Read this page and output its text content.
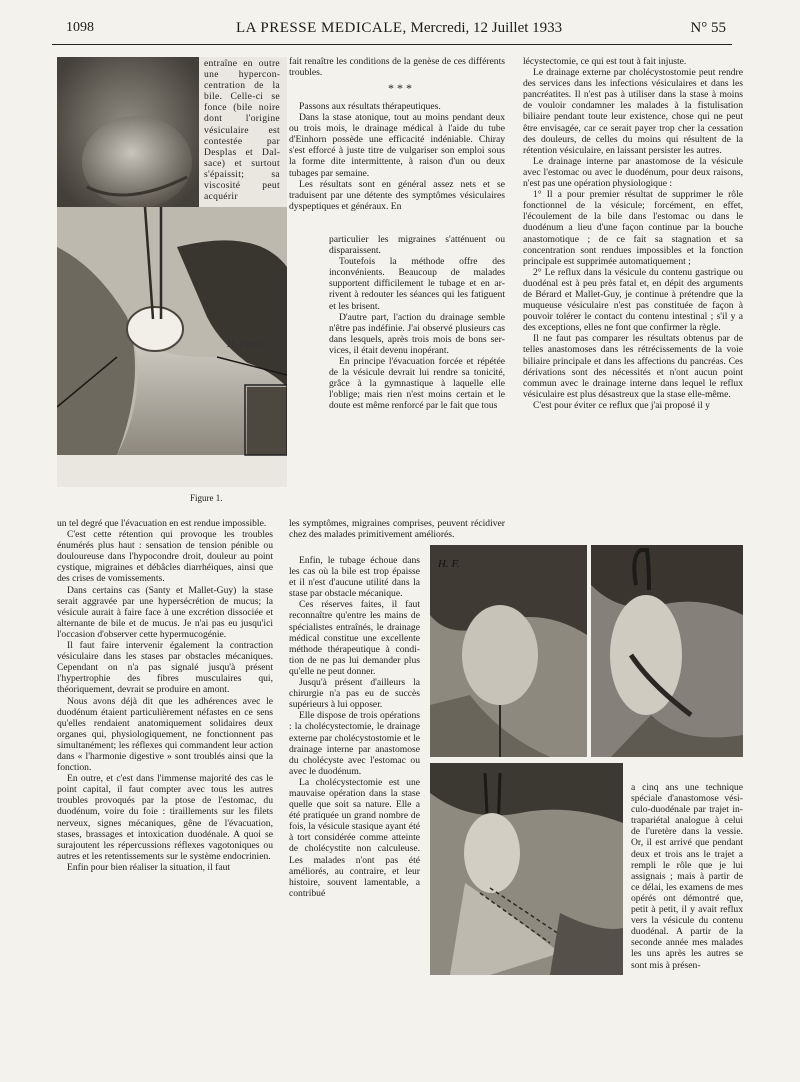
1098	LA PRESSE MEDICALE, Mercredi, 12 Juillet 1933	N° 55
H. Frantz
Figure 1.

entraîne en outre une hyperconcentration de la bile. Celle-ci se fonce (bile noire dont l'origine vésiculaire est contestée par Desplas et Dalsace) et surtout s'épaissit; sa viscosité peut acquérir

un tel degré que l'évacuation en est rendue impossible.

C'est cette rétention qui provoque les troubles énumérés plus haut : sensation de tension pénible ou douloureuse dans l'hypocondre droit, douleur au point cystique, migraines et débâcles diarrhéiques, ainsi que des crises de vomissements.

Dans certains cas (Santy et Mallet-Guy) la stase serait aggravée par une hypersécrétion de mucus; la vésicule aurait à faire face à une excrétion dissociée et alternante de bile et de mucus. Je n'ai pas eu jusqu'ici l'occasion d'observer cette hypermucogénie.

Il faut faire intervenir également la contraction vésiculaire dans les stases par obstacles mécaniques. Cependant on n'a pas signalé jusqu'à présent l'hypertrophie des fibres musculaires qui, théoriquement, devrait se produire en amont.

Nous avons déjà dit que les adhérences avec le duodénum étaient particulièrement néfastes en ce sens qu'elles rendaient anatomiquement solidaires deux organes qui, physiologiquement, ne fonctionnent pas simultanément; les réflexes qui commandent leur action dans « l'harmonie digestive » sont troublés ainsi que la fonction.

En outre, et c'est dans l'immense majorité des cas le point capital, il faut compter avec tous les autres troubles provoqués par la ptose de l'estomac, du duodénum, voire du foie : tiraillements sur les filets nerveux, signes mécaniques, gêne de l'évacuation, stases, brassages et intoxication duodénale. A quoi se surajoutent les répercussions réflexes vagotoniques ou autres et les retentissements sur le système endocrinien.

Enfin pour bien réaliser la situation, il faut

fait renaître les conditions de la genèse de ces différents troubles.

* * *

Passons aux résultats thérapeutiques.

Dans la stase atonique, tout au moins pendant deux ou trois mois, le drainage médical à l'aide du tube d'Einhorn possède une efficacité indéniable. Chiray s'est efforcé à juste titre de vulgariser son emploi sous la forme dite intermittente, à raison d'un ou deux tubages par semaine.

Les résultats sont en général assez nets et se traduisent par une détente des symptômes vésiculaires dyspeptiques et généraux. En

particulier les migraines s'atténuent ou disparaissent.

Toutefois la méthode offre des inconvénients. Beaucoup de malades supportent difficilement le tubage et en arrivent à redouter les séances qui les fatiguent et les brisent.

D'autre part, l'action du drainage semble n'être pas indéfinie. J'ai observé plusieurs cas dans lesquels, après trois mois de bons services, il était devenu inopérant.

En principe l'évacuation forcée et répétée de la vésicule devrait lui rendre sa tonicité, grâce à la gymnastique à laquelle elle l'oblige; mais rien n'est moins certain et le doute est même renforcé par le fait que tous

les symptômes, migraines comprises, peuvent récidiver chez des malades primitivement améliorés.

Enfin, le tubage échoue dans les cas où la bile est trop épaisse et il n'est d'aucune utilité dans la stase par obstacle mécanique.

Ces réserves faites, il faut reconnaître qu'entre les mains de spécialistes entraînés, le drainage médical constitue une excellente méthode thérapeutique à condition de ne pas lui demander plus qu'elle ne peut donner.

Jusqu'à présent d'ailleurs la chirurgie n'a pas eu de succès supérieurs à lui opposer.

Elle dispose de trois opérations : la cholécystectomie, le drainage externe par cholécystostomie et le drainage interne par anastomose du cholécyste avec l'estomac ou avec le duodénum.

La cholécystectomie est une mauvaise opération dans la stase quelle que soit sa nature. Elle a été pratiquée un grand nombre de fois, la vésicule stasique ayant été à tort considérée comme atteinte de cholécystite non calculeuse. Les malades n'ont pas été améliorés, au contraire, et leur histoire, souvent lamentable, a contribué

lécystectomie, ce qui est tout à fait injuste.

Le drainage externe par cholécystostomie peut rendre des services dans les infections vésiculaires et dans les pancréatites. Il n'est pas à utiliser dans la stase à moins de vouloir condamner les malades à la fistulisation biliaire pendant toute leur existence, chose qui ne peut être envisagée, car ce serait payer trop cher la cessation des douleurs, de celles du moins qui résultent de la rétention vésiculaire, en laissant persister les autres.

Le drainage interne par anastomose de la vésicule avec l'estomac ou avec le duodénum, pour deux raisons, n'est pas une opération physiologique :

1° Il a pour premier résultat de supprimer le rôle fonctionnel de la vésicule; forcément, en effet, l'écoulement de la bile dans l'estomac ou dans le duodénum a lieu d'une façon continue par la bouche anastomotique ; de ce fait sa stagnation et sa concentration sont rendues impossibles et la fonction principale est supprimée automatiquement ;

2° Le reflux dans la vésicule du contenu gastrique ou duodénal est à peu près fatal et, en dépit des arguments de Bérard et Mallet-Guy, je continue à prétendre que la muqueuse vésiculaire n'est pas constituée de façon à pouvoir tolérer le contact du contenu intestinal ; s'il y a des exceptions, elles ne font que confirmer la règle.

Il ne faut pas comparer les résultats obtenus par de telles anastomoses dans les rétrécissements de la voie biliaire principale et dans les affections du pancréas. Ces dérivations sont des nécessités et n'ont aucun point commun avec le drainage interne dans lequel le reflux vésiculaire est plus désastreux que la stase elle-même.

C'est pour éviter ce reflux que j'ai proposé il y

H. F.

a cinq ans une technique spéciale d'anastomose vésiculo-duodénale par trajet intrapariétal analogue à celui de l'uretère dans la vessie. Or, il est arrivé que pendant deux et trois ans le trajet a rempli le rôle que je lui assignais ; mais à partir de ce délai, les examens de mes opérés ont démontré que, petit à petit, il y avait reflux vers la vésicule du contenu duodénal. A partir de la seconde année mes malades les uns après les autres se sont mis à présen-
